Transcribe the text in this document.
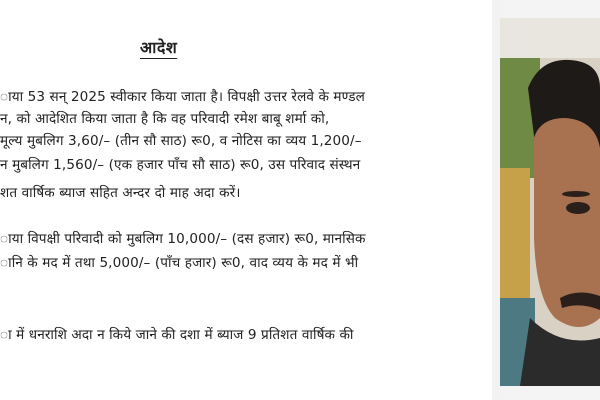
आदेश
ाया 53 सन् 2025 स्वीकार किया जाता है। विपक्षी उत्तर रेलवे के मण्डल
न, को आदेशित किया जाता है कि वह परिवादी रमेश बाबू शर्मा को,
मूल्य मुबलिग 3,60/– (तीन सौ साठ) रू0, व नोटिस का व्यय 1,200/–
न मुबलिग 1,560/– (एक हजार पाँच सौ साठ) रू0, उस परिवाद संस्थन
शत वार्षिक ब्याज सहित अन्दर दो माह अदा करें।
ाया विपक्षी परिवादी को मुबलिग 10,000/– (दस हजार) रू0, मानसिक
ानि के मद में तथा 5,000/– (पाँच हजार) रू0, वाद व्यय के मद में भी
ा में धनराशि अदा न किये जाने की दशा में ब्याज 9 प्रतिशत वार्षिक की
